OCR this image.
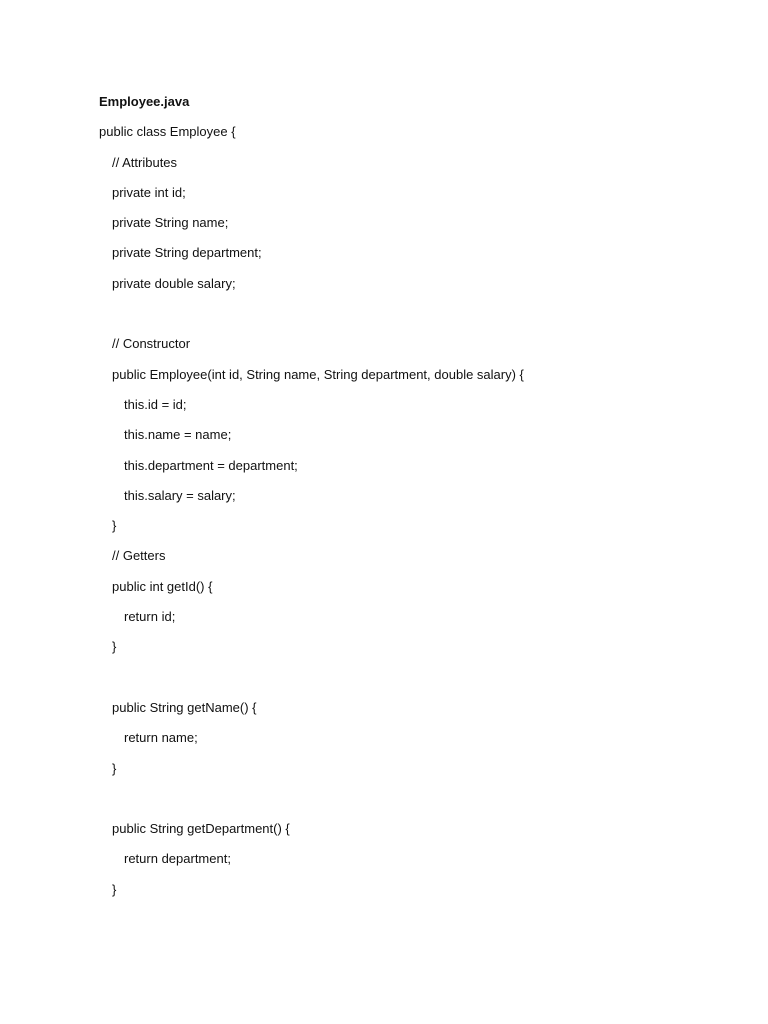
Employee.java
public class Employee {
// Attributes
private int id;
private String name;
private String department;
private double salary;
// Constructor
public Employee(int id, String name, String department, double salary) {
this.id = id;
this.name = name;
this.department = department;
this.salary = salary;
}
// Getters
public int getId() {
return id;
}
public String getName() {
return name;
}
public String getDepartment() {
return department;
}
